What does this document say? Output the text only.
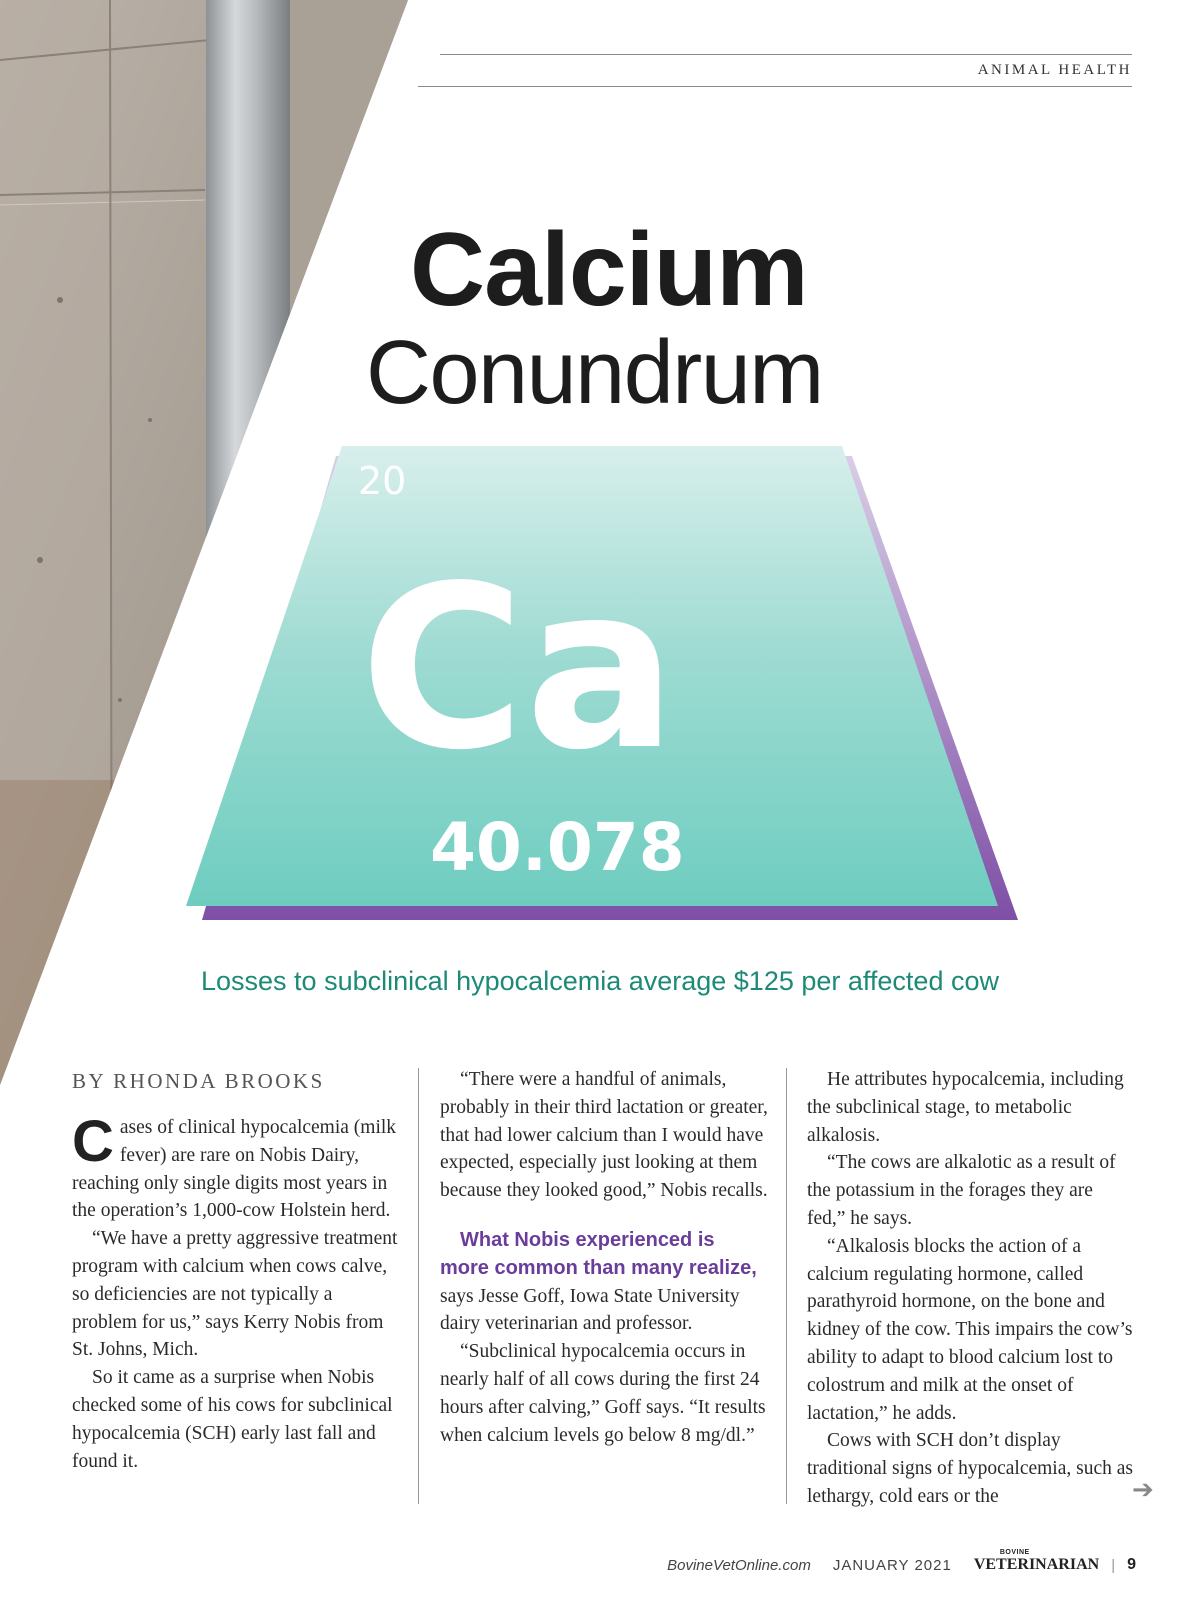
ANIMAL HEALTH
Calcium
Conundrum
20
Ca
40.078
Losses to subclinical hypocalcemia average $125 per affected cow
BY RHONDA BROOKS

Cases of clinical hypocalcemia (milk fever) are rare on Nobis Dairy, reaching only single digits most years in the operation’s 1,000-cow Holstein herd.

“We have a pretty aggressive treatment program with calcium when cows calve, so deficiencies are not typically a problem for us,” says Kerry Nobis from St. Johns, Mich.

So it came as a surprise when Nobis checked some of his cows for subclinical hypocalcemia (SCH) early last fall and found it.

“There were a handful of animals, probably in their third lactation or greater, that had lower calcium than I would have expected, especially just looking at them because they looked good,” Nobis recalls.

What Nobis experienced is more common than many realize, says Jesse Goff, Iowa State University dairy veterinarian and professor.

“Subclinical hypocalcemia occurs in nearly half of all cows during the first 24 hours after calving,” Goff says. “It results when calcium levels go below 8 mg/dl.”

He attributes hypocalcemia, including the subclinical stage, to metabolic alkalosis.

“The cows are alkalotic as a result of the potassium in the forages they are fed,” he says.

“Alkalosis blocks the action of a calcium regulating hormone, called parathyroid hormone, on the bone and kidney of the cow. This impairs the cow’s ability to adapt to blood calcium lost to colostrum and milk at the onset of lactation,” he adds.

Cows with SCH don’t display traditional signs of hypocalcemia, such as lethargy, cold ears or the	➔
BovineVetOnline.com JANUARY 2021
BOVINE
VETERINARIAN | 9
